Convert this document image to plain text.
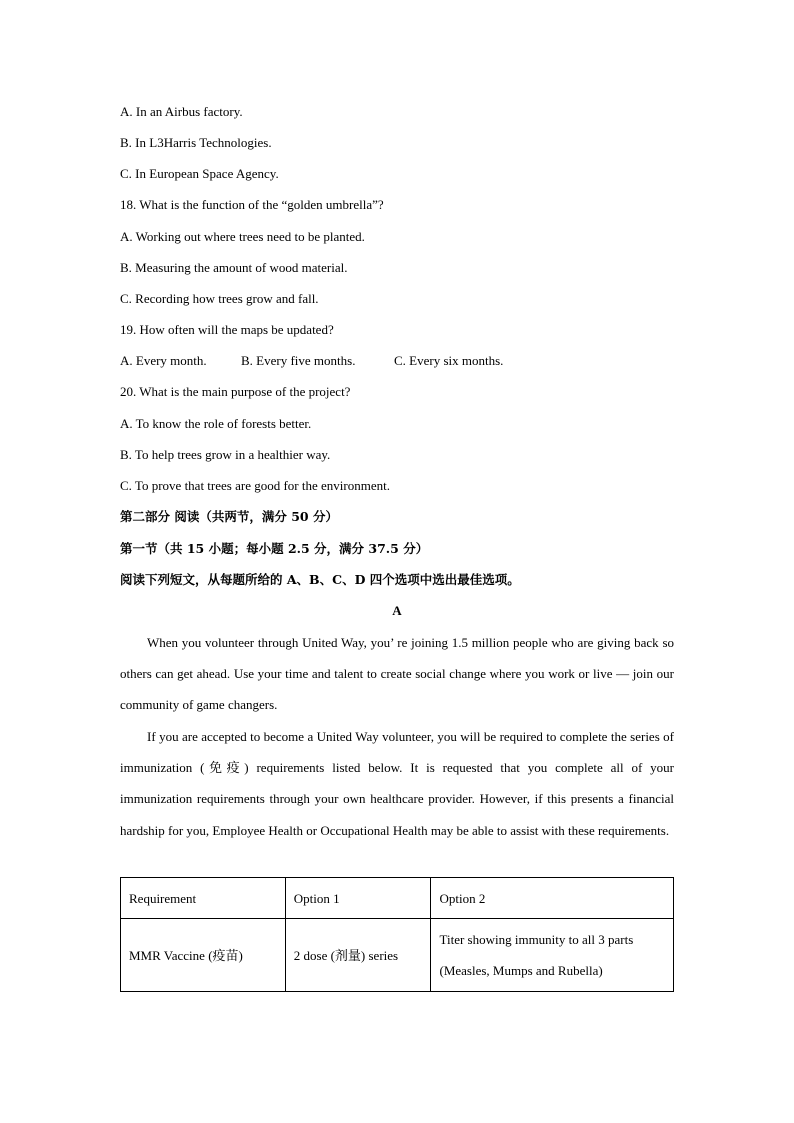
A. In an Airbus factory.
B. In L3Harris Technologies.
C. In European Space Agency.
18. What is the function of the “golden umbrella”?
A. Working out where trees need to be planted.
B. Measuring the amount of wood material.
C. Recording how trees grow and fall.
19. How often will the maps be updated?
A. Every month.	B. Every five months.	C. Every six months.
20. What is the main purpose of the project?
A. To know the role of forests better.
B. To help trees grow in a healthier way.
C. To prove that trees are good for the environment.
第二部分 阅读（共两节，满分 50 分）
第一节（共 15 小题；每小题 2.5 分，满分 37.5 分）
阅读下列短文，从每题所给的 A、B、C、D 四个选项中选出最佳选项。
A
When you volunteer through United Way, you’ re joining 1.5 million people who are giving back so others can get ahead. Use your time and talent to create social change where you work or live — join our community of game changers.
If you are accepted to become a United Way volunteer, you will be required to complete the series of immunization (免疫) requirements listed below. It is requested that you complete all of your immunization requirements through your own healthcare provider. However, if this presents a financial hardship for you, Employee Health or Occupational Health may be able to assist with these requirements.
Requirement	Option 1	Option 2
MMR Vaccine (疫苗)	2 dose (剂量) series	Titer showing immunity to all 3 parts (Measles, Mumps and Rubella)
